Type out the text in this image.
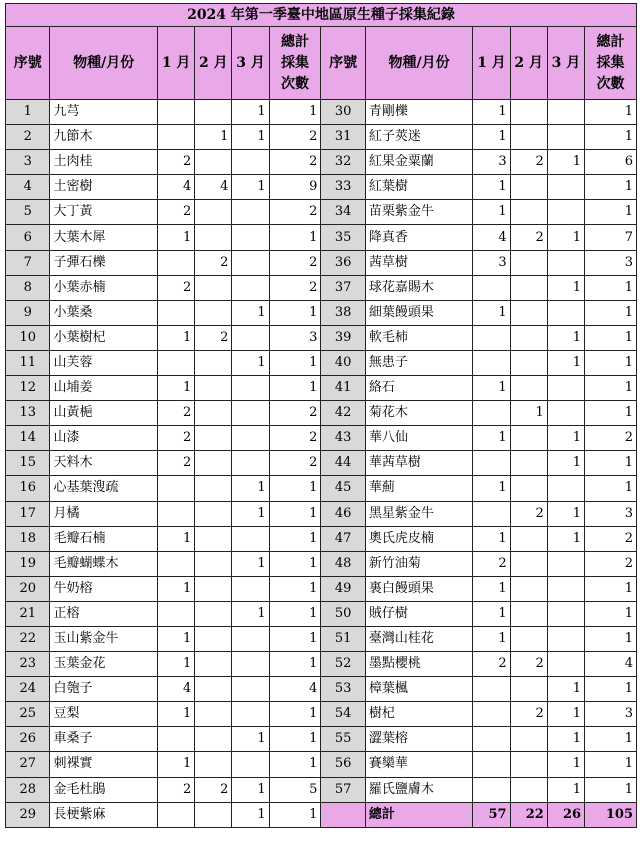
2024 年第一季臺中地區原生種子採集紀錄											
序號	物種/月份	1 月	2 月	3 月	總計 採集 次數	序號	物種/月份	1 月	2 月	3 月	總計 採集 次數
1	九芎			1	1	30	青剛櫟	1			1
2	九節木		1	1	2	31	紅子莢迷	1			1
3	土肉桂	2			2	32	紅果金粟蘭	3	2	1	6
4	土密樹	4	4	1	9	33	紅葉樹	1			1
5	大丁黃	2			2	34	苗栗紫金牛	1			1
6	大葉木犀	1			1	35	降真香	4	2	1	7
7	子彈石櫟		2		2	36	茜草樹	3			3
8	小葉赤楠	2			2	37	球花嘉賜木			1	1
9	小葉桑			1	1	38	細葉饅頭果	1			1
10	小葉樹杞	1	2		3	39	軟毛柿			1	1
11	山芙蓉			1	1	40	無患子			1	1
12	山埔姜	1			1	41	絡石	1			1
13	山黃梔	2			2	42	菊花木		1		1
14	山漆	2			2	43	華八仙	1		1	2
15	天料木	2			2	44	華茜草樹			1	1
16	心基葉溲疏			1	1	45	華薊	1			1
17	月橘			1	1	46	黑星紫金牛		2	1	3
18	毛瓣石楠	1			1	47	奧氏虎皮楠	1		1	2
19	毛瓣蝴蝶木			1	1	48	新竹油菊	2			2
20	牛奶榕	1			1	49	裏白饅頭果	1			1
21	正榕			1	1	50	賊仔樹	1			1
22	玉山紫金牛	1			1	51	臺灣山桂花	1			1
23	玉葉金花	1			1	52	墨點櫻桃	2	2		4
24	白匏子	4			4	53	樟葉楓			1	1
25	豆梨	1			1	54	樹杞		2	1	3
26	車桑子			1	1	55	澀葉榕			1	1
27	刺裸實	1			1	56	賽欒華			1	1
28	金毛杜鵑	2	2	1	5	57	羅氏鹽膚木			1	1
29	長梗紫麻			1	1		總計	57	22	26	105
